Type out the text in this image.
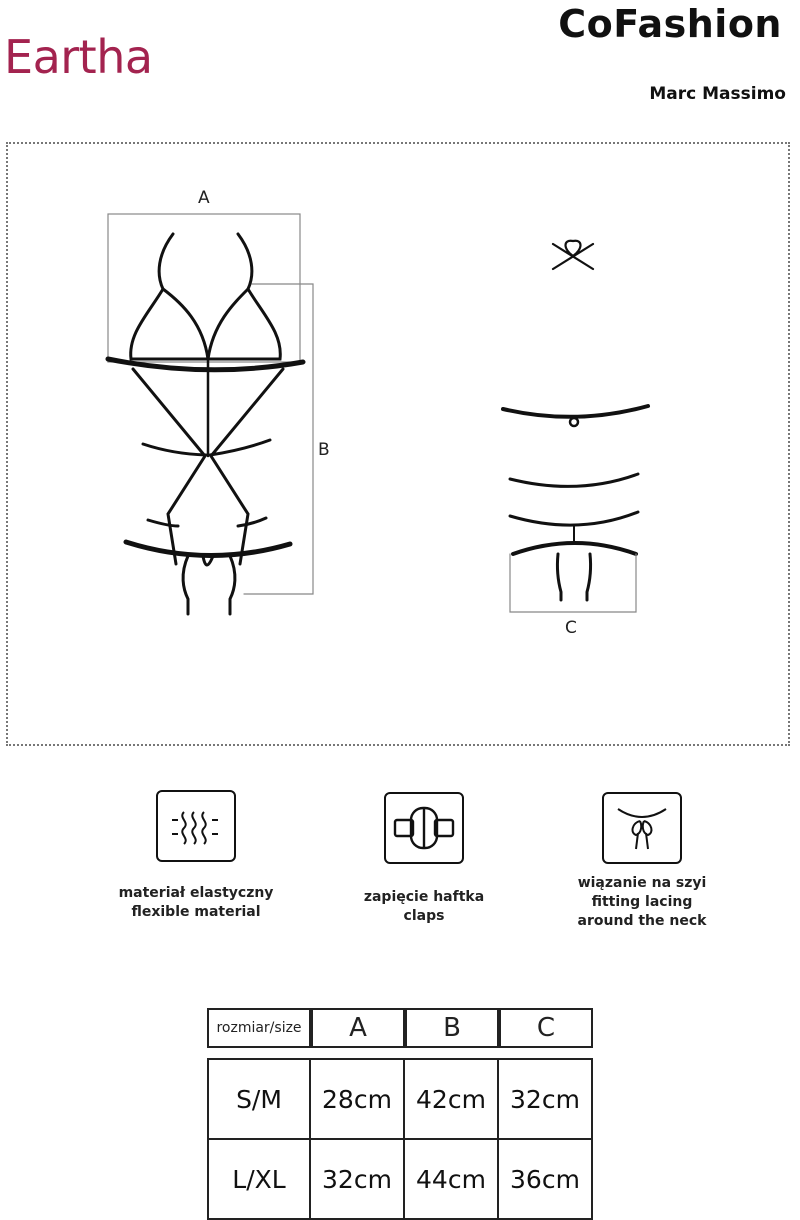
Eartha
CoFashion
Marc Massimo
A
B
C
materiał elastyczny
flexible material
zapięcie haftka
claps
wiązanie na szyi
fitting lacing
around the neck
rozmiar/size	A	B	C

S/M	28cm	42cm	32cm
L/XL	32cm	44cm	36cm
